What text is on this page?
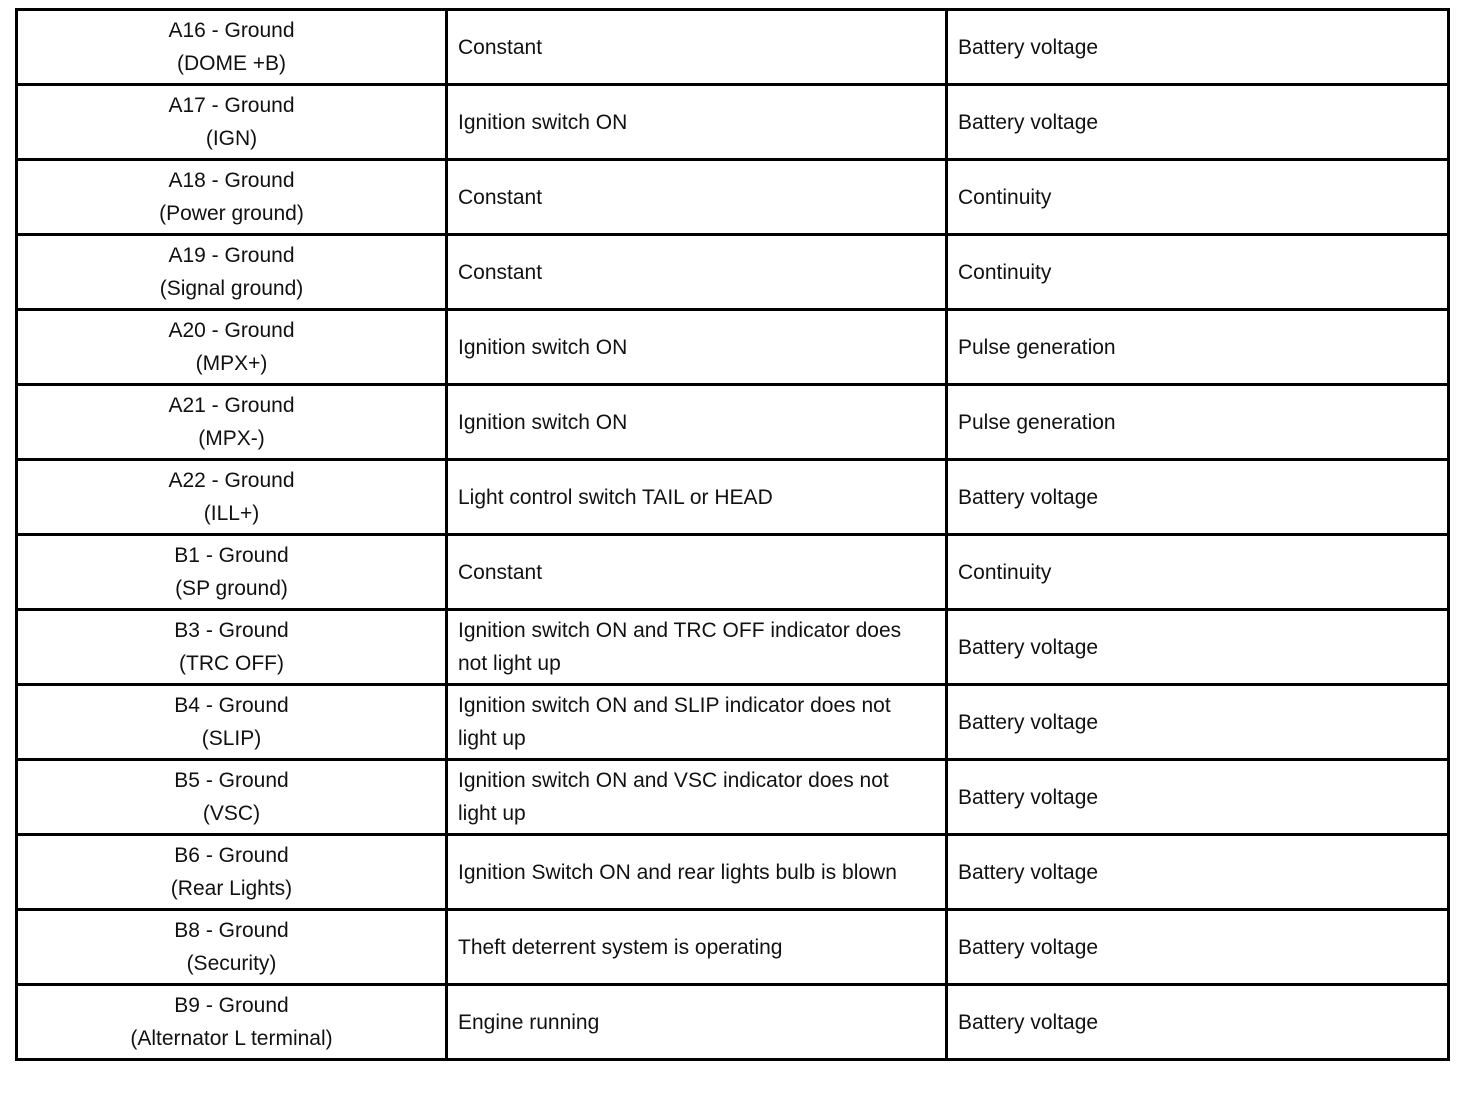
A16 - Ground
(DOME +B)	Constant	Battery voltage

A17 - Ground
(IGN)	Ignition switch ON	Battery voltage

A18 - Ground
(Power ground)	Constant	Continuity

A19 - Ground
(Signal ground)	Constant	Continuity

A20 - Ground
(MPX+)	Ignition switch ON	Pulse generation

A21 - Ground
(MPX-)	Ignition switch ON	Pulse generation

A22 - Ground
(ILL+)	Light control switch TAIL or HEAD	Battery voltage

B1 - Ground
(SP ground)	Constant	Continuity

B3 - Ground
(TRC OFF)	Ignition switch ON and TRC OFF indicator does not light up	Battery voltage

B4 - Ground
(SLIP)	Ignition switch ON and SLIP indicator does not light up	Battery voltage

B5 - Ground
(VSC)	Ignition switch ON and VSC indicator does not light up	Battery voltage

B6 - Ground
(Rear Lights)	Ignition Switch ON and rear lights bulb is blown	Battery voltage

B8 - Ground
(Security)	Theft deterrent system is operating	Battery voltage

B9 - Ground
(Alternator L terminal)	Engine running	Battery voltage
